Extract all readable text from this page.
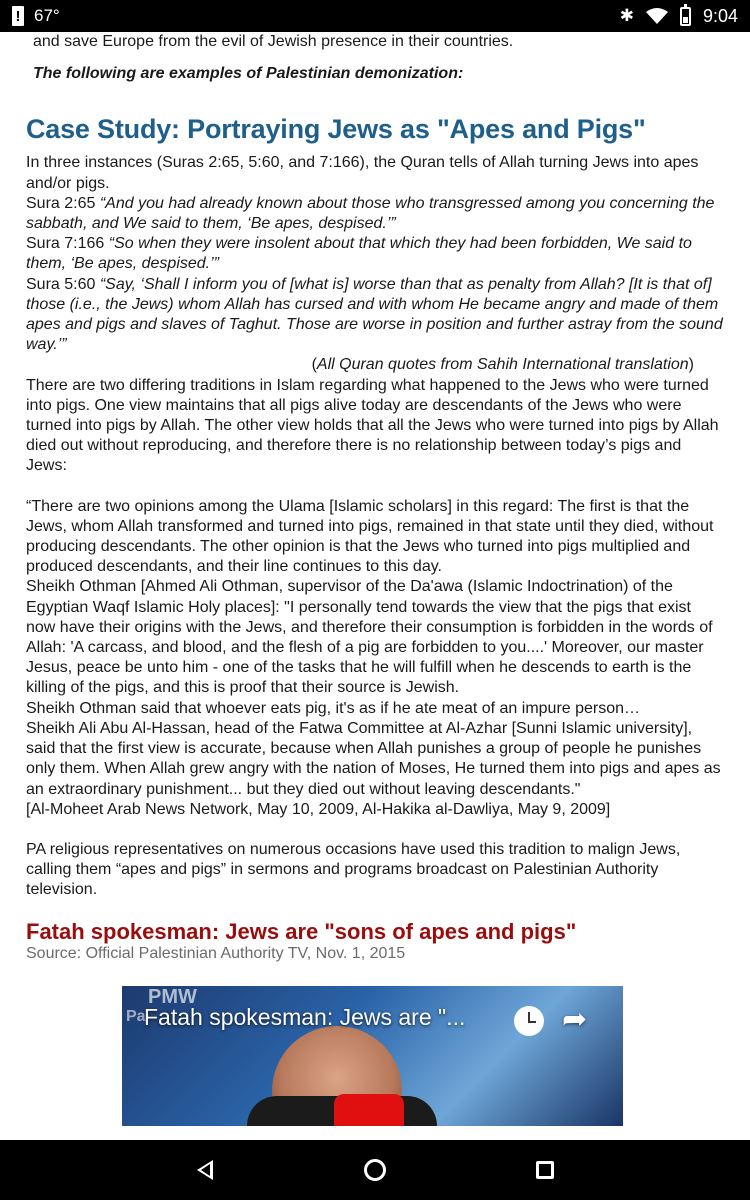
! 67°	✱	9:04
and save Europe from the evil of Jewish presence in their countries.
The following are examples of Palestinian demonization:
Case Study: Portraying Jews as "Apes and Pigs"
In three instances (Suras 2:65, 5:60, and 7:166), the Quran tells of Allah turning Jews into apes and/or pigs.
Sura 2:65 “And you had already known about those who transgressed among you concerning the sabbath, and We said to them, ‘Be apes, despised.’”
Sura 7:166 “So when they were insolent about that which they had been forbidden, We said to them, ‘Be apes, despised.’”
Sura 5:60 “Say, ‘Shall I inform you of [what is] worse than that as penalty from Allah? [It is that of] those (i.e., the Jews) whom Allah has cursed and with whom He became angry and made of them apes and pigs and slaves of Taghut. Those are worse in position and further astray from the sound way.’”
(All Quran quotes from Sahih International translation)
There are two differing traditions in Islam regarding what happened to the Jews who were turned into pigs. One view maintains that all pigs alive today are descendants of the Jews who were turned into pigs by Allah. The other view holds that all the Jews who were turned into pigs by Allah died out without reproducing, and therefore there is no relationship between today’s pigs and Jews:
“There are two opinions among the Ulama [Islamic scholars] in this regard: The first is that the Jews, whom Allah transformed and turned into pigs, remained in that state until they died, without producing descendants. The other opinion is that the Jews who turned into pigs multiplied and produced descendants, and their line continues to this day.
Sheikh Othman [Ahmed Ali Othman, supervisor of the Da'awa (Islamic Indoctrination) of the Egyptian Waqf Islamic Holy places]: "I personally tend towards the view that the pigs that exist now have their origins with the Jews, and therefore their consumption is forbidden in the words of Allah: 'A carcass, and blood, and the flesh of a pig are forbidden to you....' Moreover, our master Jesus, peace be unto him - one of the tasks that he will fulfill when he descends to earth is the killing of the pigs, and this is proof that their source is Jewish.
Sheikh Othman said that whoever eats pig, it's as if he ate meat of an impure person…
Sheikh Ali Abu Al-Hassan, head of the Fatwa Committee at Al-Azhar [Sunni Islamic university], said that the first view is accurate, because when Allah punishes a group of people he punishes only them. When Allah grew angry with the nation of Moses, He turned them into pigs and apes as an extraordinary punishment... but they died out without leaving descendants."
[Al-Moheet Arab News Network, May 10, 2009, Al-Hakika al-Dawliya, May 9, 2009]
PA religious representatives on numerous occasions have used this tradition to malign Jews, calling them “apes and pigs” in sermons and programs broadcast on Palestinian Authority television.
Fatah spokesman: Jews are "sons of apes and pigs"
Source: Official Palestinian Authority TV, Nov. 1, 2015
PMW
Pa
Fatah spokesman: Jews are "...	➦
